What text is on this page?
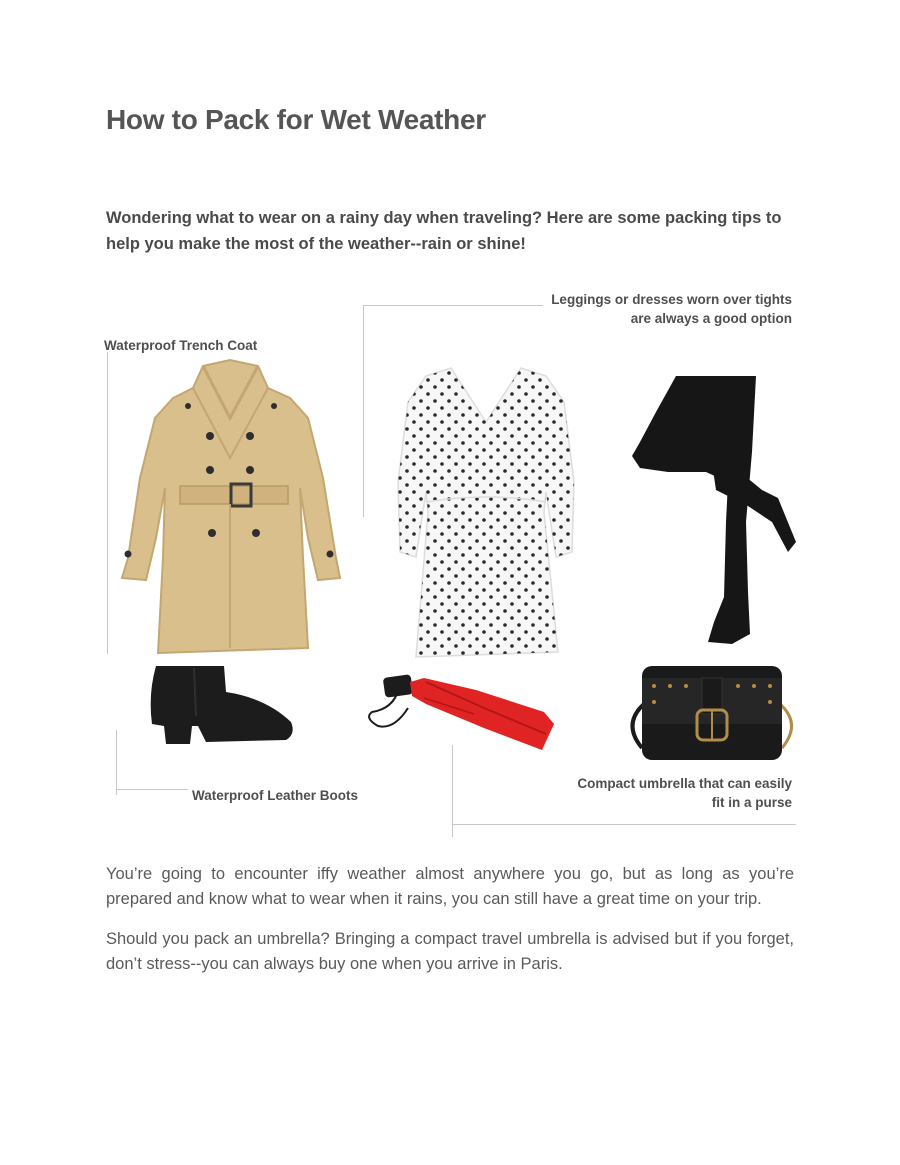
How to Pack for Wet Weather

Wondering what to wear on a rainy day when traveling? Here are some packing tips to help you make the most of the weather--rain or shine!

Waterproof Trench Coat
Leggings or dresses worn over tights
are always a good option
Waterproof Leather Boots
Compact umbrella that can easily
fit in a purse

You’re going to encounter iffy weather almost anywhere you go, but as long as you’re prepared and know what to wear when it rains, you can still have a great time on your trip.

Should you pack an umbrella? Bringing a compact travel umbrella is advised but if you forget, don’t stress--you can always buy one when you arrive in Paris.
